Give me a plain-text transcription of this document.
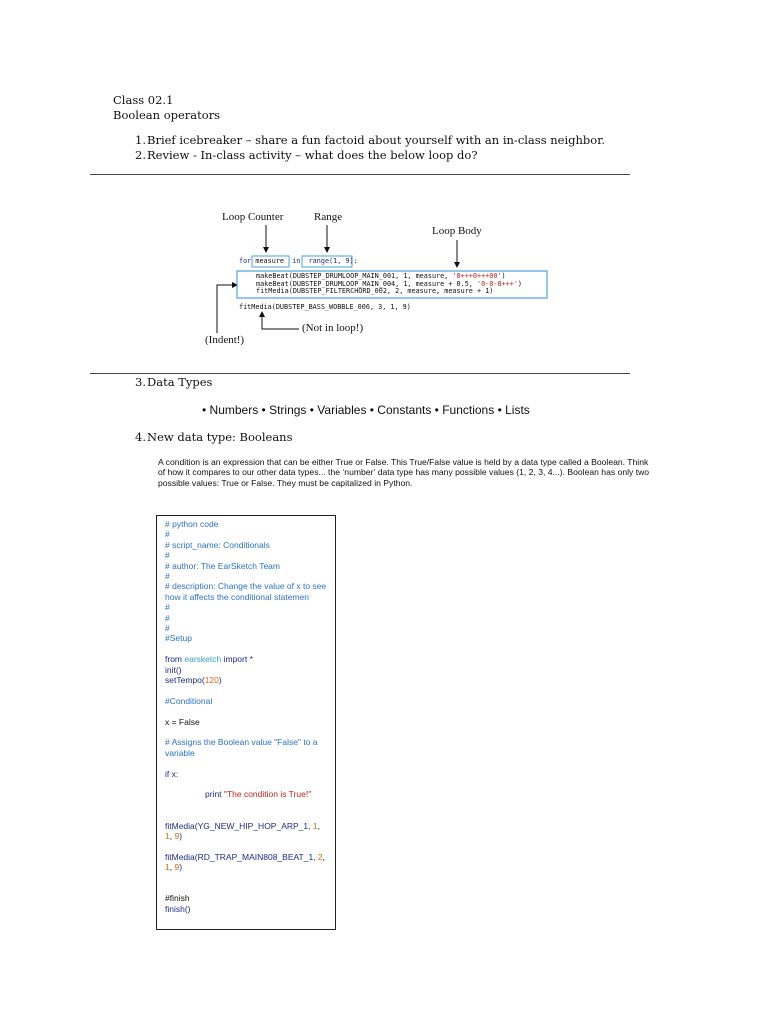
Class 02.1
Boolean operators
1. Brief icebreaker – share a fun factoid about yourself with an in-class neighbor.
2. Review - In-class activity – what does the below loop do?
Loop Counter	Range
Loop Body
(Indent!)
(Not in loop!)
for measure in range(1, 9):
makeBeat(DUBSTEP_DRUMLOOP_MAIN_001, 1, measure, '0+++0+++00')
makeBeat(DUBSTEP_DRUMLOOP_MAIN_004, 1, measure + 0.5, '0-0-0+++')
fitMedia(DUBSTEP_FILTERCHORD_002, 2, measure, measure + 1)
fitMedia(DUBSTEP_BASS_WOBBLE_006, 3, 1, 9)
3.Data Types
• Numbers • Strings • Variables • Constants • Functions • Lists
4.New data type: Booleans
A condition is an expression that can be either True or False. This True/False value is held by a data type called a Boolean. Think of how it compares to our other data types... the ‘number’ data type has many possible values (1, 2, 3, 4...). Boolean has only two possible values: True or False. They must be capitalized in Python.
# python code
#
# script_name: Conditionals
#
# author: The EarSketch Team
#
# description: Change the value of x to see how it affects the conditional statemen
#
#
#
#Setup
from earsketch import *
init()
setTempo(120)
#Conditional
x = False
# Assigns the Boolean value "False" to a variable
if x:
print "The condition is True!"
fitMedia(YG_NEW_HIP_HOP_ARP_1, 1, 1, 9)
fitMedia(RD_TRAP_MAIN808_BEAT_1, 2, 1, 9)
#finish
finish()
